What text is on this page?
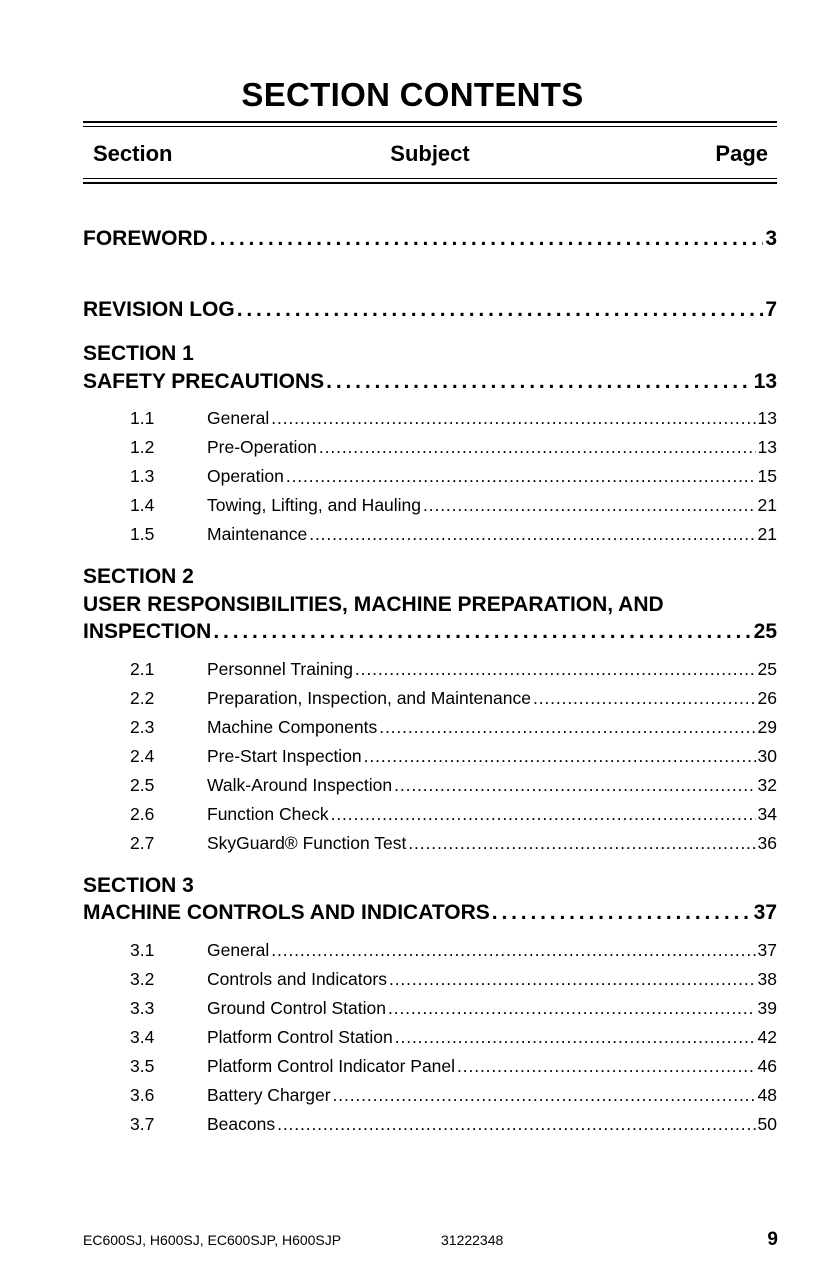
SECTION CONTENTS
Section	Subject	Page
FOREWORD . . .	3
REVISION LOG . . .	7
SECTION 1
SAFETY PRECAUTIONS . . .	13
1.1	General . . .	13
1.2	Pre-Operation . . .	13
1.3	Operation . . .	15
1.4	Towing, Lifting, and Hauling . . .	21
1.5	Maintenance . . .	21
SECTION 2
USER RESPONSIBILITIES, MACHINE PREPARATION, AND
INSPECTION . . .	25
2.1	Personnel Training . . .	25
2.2	Preparation, Inspection, and Maintenance . . .	26
2.3	Machine Components . . .	29
2.4	Pre-Start Inspection . . .	30
2.5	Walk-Around Inspection . . .	32
2.6	Function Check . . .	34
2.7	SkyGuard® Function Test . . .	36
SECTION 3
MACHINE CONTROLS AND INDICATORS . . .	37
3.1	General . . .	37
3.2	Controls and Indicators . . .	38
3.3	Ground Control Station . . .	39
3.4	Platform Control Station . . .	42
3.5	Platform Control Indicator Panel . . .	46
3.6	Battery Charger . . .	48
3.7	Beacons . . .	50
EC600SJ, H600SJ, EC600SJP, H600SJP	31222348	9
